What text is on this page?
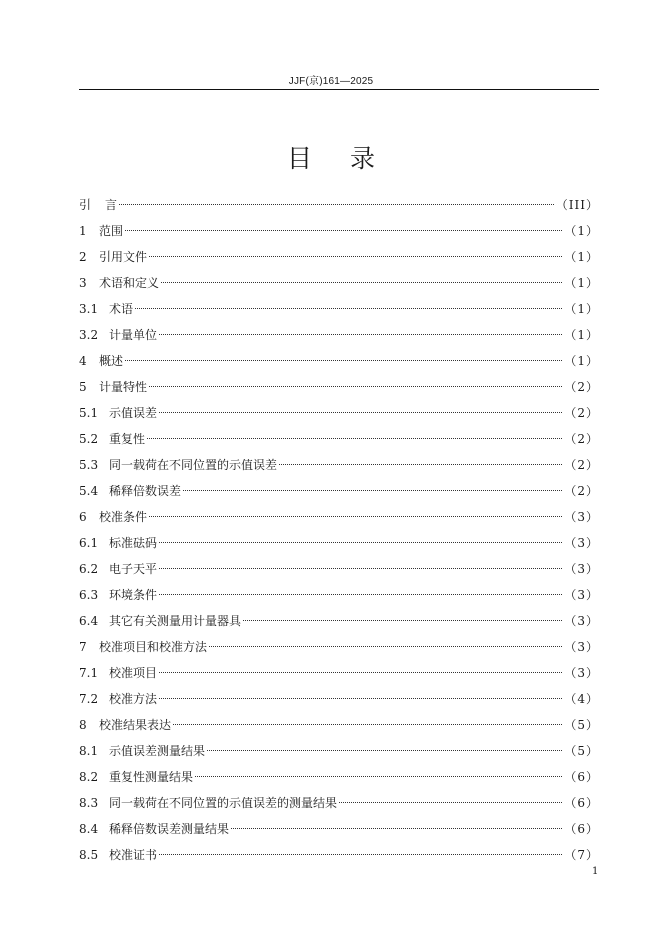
JJF(京)161—2025
目 录
引	言	（III）
1	范围	（1）
2	引用文件	（1）
3	术语和定义	（1）
3.1 术语	（1）
3.2 计量单位	（1）
4	概述	（1）
5	计量特性	（2）
5.1 示值误差	（2）
5.2 重复性	（2）
5.3 同一载荷在不同位置的示值误差	（2）
5.4 稀释倍数误差	（2）
6	校准条件	（3）
6.1 标准砝码	（3）
6.2 电子天平	（3）
6.3 环境条件	（3）
6.4 其它有关测量用计量器具	（3）
7	校准项目和校准方法	（3）
7.1 校准项目	（3）
7.2 校准方法	（4）
8	校准结果表达	（5）
8.1 示值误差测量结果	（5）
8.2 重复性测量结果	（6）
8.3 同一载荷在不同位置的示值误差的测量结果	（6）
8.4 稀释倍数误差测量结果	（6）
8.5 校准证书	（7）
1
